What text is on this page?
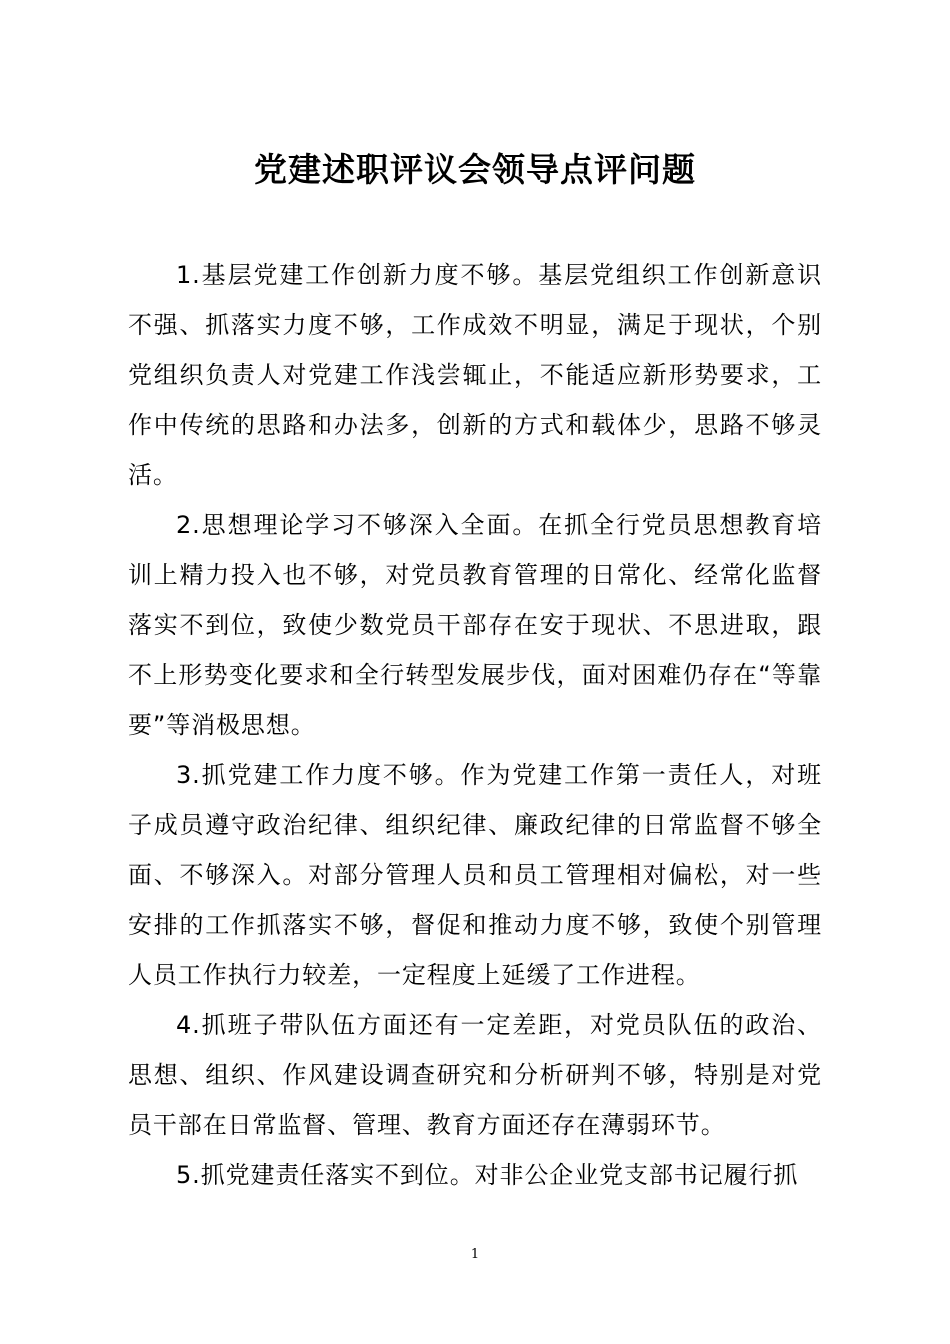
党建述职评议会领导点评问题

1.基层党建工作创新力度不够。基层党组织工作创新意识不强、抓落实力度不够，工作成效不明显，满足于现状，个别党组织负责人对党建工作浅尝辄止，不能适应新形势要求，工作中传统的思路和办法多，创新的方式和载体少，思路不够灵活。

2.思想理论学习不够深入全面。在抓全行党员思想教育培训上精力投入也不够，对党员教育管理的日常化、经常化监督落实不到位，致使少数党员干部存在安于现状、不思进取，跟不上形势变化要求和全行转型发展步伐，面对困难仍存在“等靠要”等消极思想。

3.抓党建工作力度不够。作为党建工作第一责任人，对班子成员遵守政治纪律、组织纪律、廉政纪律的日常监督不够全面、不够深入。对部分管理人员和员工管理相对偏松，对一些安排的工作抓落实不够，督促和推动力度不够，致使个别管理人员工作执行力较差，一定程度上延缓了工作进程。

4.抓班子带队伍方面还有一定差距，对党员队伍的政治、思想、组织、作风建设调查研究和分析研判不够，特别是对党员干部在日常监督、管理、教育方面还存在薄弱环节。

5.抓党建责任落实不到位。对非公企业党支部书记履行抓

1
